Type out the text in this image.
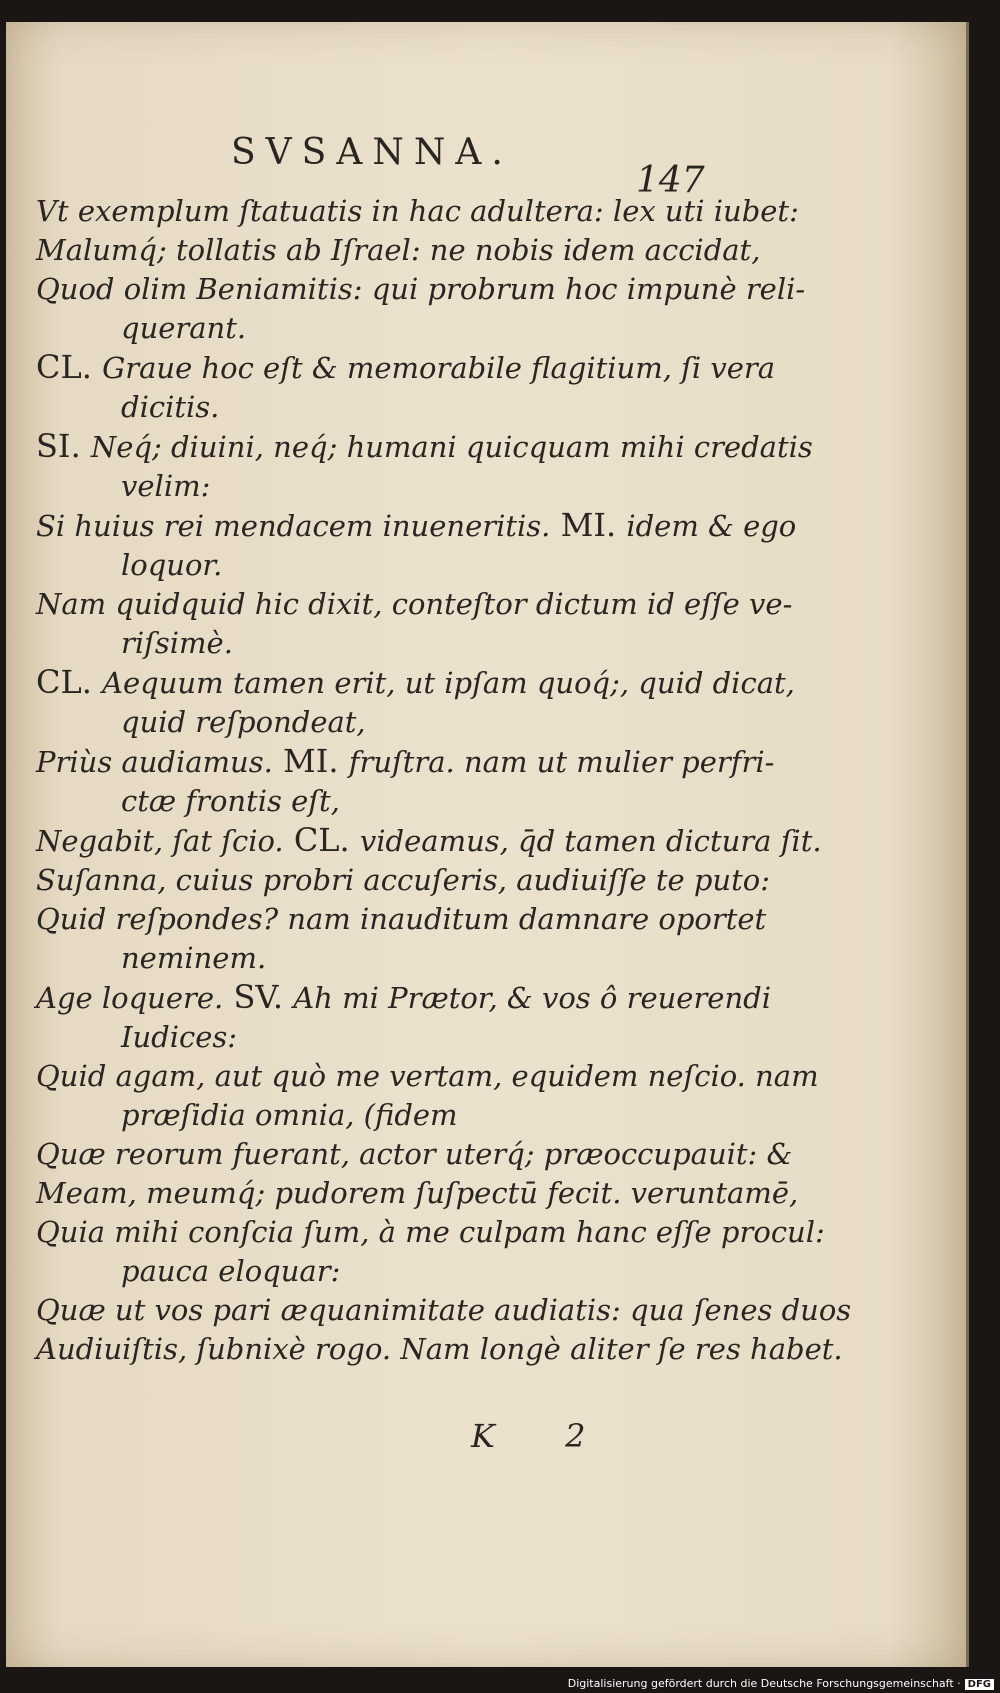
SVSANNA.
147
Vt exemplum ſtatuatis in hac adultera: lex uti iubet:
Malumq́; tollatis ab Iſrael: ne nobis idem accidat,
Quod olim Beniamitis: qui probrum hoc impunè reli-
querant.
CL. Graue hoc eſt & memorabile flagitium, ſi vera
dicitis.
SI. Neq́; diuini, neq́; humani quicquam mihi credatis
velim:
Si huius rei mendacem inueneritis. MI. idem & ego
loquor.
Nam quidquid hic dixit, conteſtor dictum id eſſe ve-
riſsimè.
CL. Aequum tamen erit, ut ipſam quoq́;, quid dicat,
quid reſpondeat,
Priùs audiamus. MI. fruſtra. nam ut mulier perfri-
ctæ frontis eſt,
Negabit, ſat ſcio. CL. videamus, q̄d tamen dictura ſit.
Suſanna, cuius probri accuſeris, audiuiſſe te puto:
Quid reſpondes? nam inauditum damnare oportet
neminem.
Age loquere. SV. Ah mi Prætor, & vos ô reuerendi
Iudices:
Quid agam, aut quò me vertam, equidem neſcio. nam
præſidia omnia, (fidem
Quæ reorum fuerant, actor uterq́; præoccupauit: &
Meam, meumq́; pudorem ſuſpectū fecit. veruntamē,
Quia mihi conſcia ſum, à me culpam hanc eſſe procul:
pauca eloquar:
Quæ ut vos pari æquanimitate audiatis: qua ſenes duos
Audiuiſtis, ſubnixè rogo. Nam longè aliter ſe res habet.
K 2
Digitalisierung gefördert durch die Deutsche Forschungsgemeinschaft · DFG
